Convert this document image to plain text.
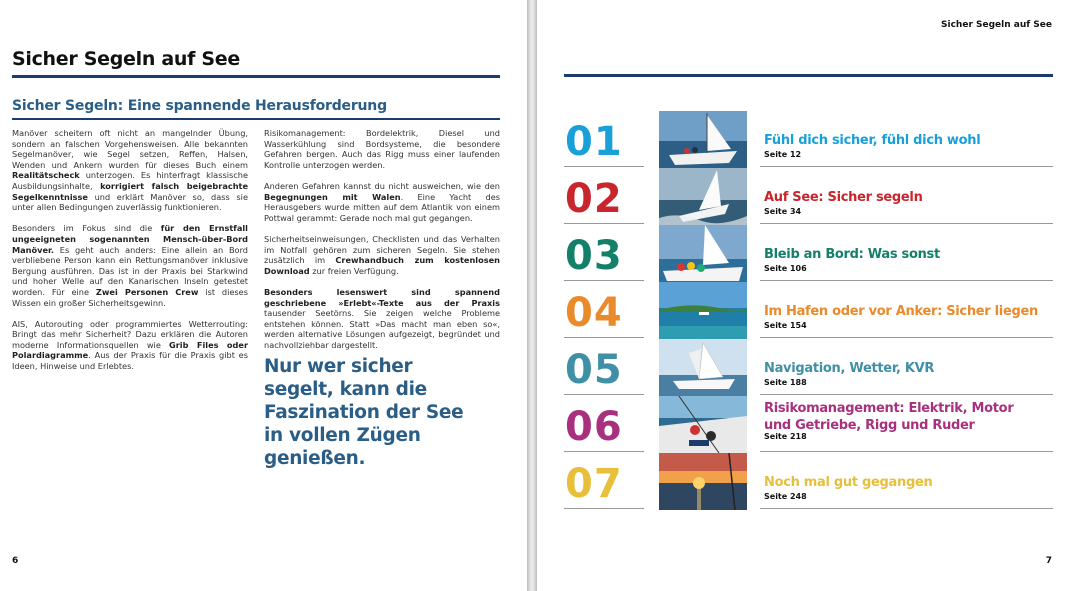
Sicher Segeln auf See
Sicher Segeln: Eine spannende Herausforderung

Manöver scheitern oft nicht an mangelnder Übung, sondern an falschen Vorgehensweisen. Alle bekannten Segelmanöver, wie Segel setzen, Reffen, Halsen, Wenden und Ankern wurden für dieses Buch einem Realitätscheck unterzogen. Es hinterfragt klassische Ausbildungsinhalte, korrigiert falsch beigebrachte Segelkenntnisse und erklärt Manöver so, dass sie unter allen Bedingungen zuverlässig funktionieren.

Besonders im Fokus sind die für den Ernstfall ungeeigneten sogenannten Mensch-über-Bord Manöver. Es geht auch anders: Eine allein an Bord verbliebene Person kann ein Rettungsmanöver inklusive Bergung ausführen. Das ist in der Praxis bei Starkwind und hoher Welle auf den Kanarischen Inseln getestet worden. Für eine Zwei Personen Crew ist dieses Wissen ein großer Sicherheitsgewinn.

AIS, Autorouting oder programmiertes Wetterrouting: Bringt das mehr Sicherheit? Dazu erklären die Autoren moderne Informationsquellen wie Grib Files oder Polardiagramme. Aus der Praxis für die Praxis gibt es Ideen, Hinweise und Erlebtes.

Risikomanagement: Bordelektrik, Diesel und Wasserkühlung sind Bordsysteme, die besondere Gefahren bergen. Auch das Rigg muss einer laufenden Kontrolle unterzogen werden.

Anderen Gefahren kannst du nicht ausweichen, wie den Begegnungen mit Walen. Eine Yacht des Herausgebers wurde mitten auf dem Atlantik von einem Pottwal gerammt: Gerade noch mal gut gegangen.

Sicherheitseinweisungen, Checklisten und das Verhalten im Notfall gehören zum sicheren Segeln. Sie stehen zusätzlich im Crewhandbuch zum kostenlosen Download zur freien Verfügung.

Besonders lesenswert sind spannend geschriebene »Erlebt«-Texte aus der Praxis tausender Seetörns. Sie zeigen welche Probleme entstehen können. Statt »Das macht man eben so«, werden alternative Lösungen aufgezeigt, begründet und nachvollziehbar dargestellt.

Nur wer sicher segelt, kann die Faszination der See in vollen Zügen genießen.
6
Sicher Segeln auf See
01	Fühl dich sicher, fühl dich wohl
Seite 12
02	Auf See: Sicher segeln
Seite 34
03	Bleib an Bord: Was sonst
Seite 106
04	Im Hafen oder vor Anker: Sicher liegen
Seite 154
05	Navigation, Wetter, KVR
Seite 188
06	Risikomanagement: Elektrik, Motor und Getriebe, Rigg und Ruder
Seite 218
07	Noch mal gut gegangen
Seite 248
7
